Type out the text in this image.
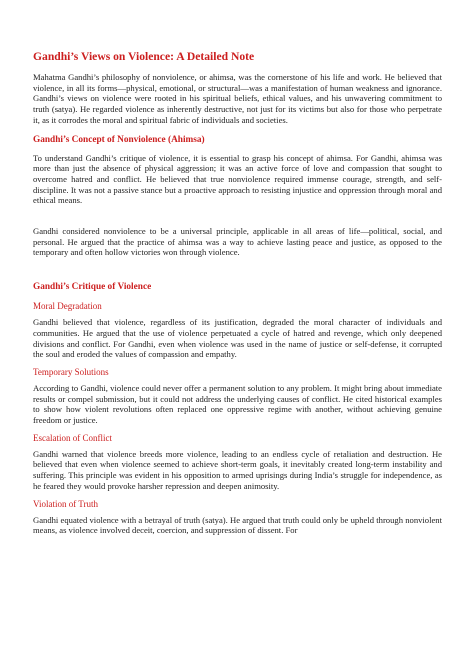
Gandhi’s Views on Violence: A Detailed Note

Mahatma Gandhi’s philosophy of nonviolence, or ahimsa, was the cornerstone of his life and work. He believed that violence, in all its forms—physical, emotional, or structural—was a manifestation of human weakness and ignorance. Gandhi’s views on violence were rooted in his spiritual beliefs, ethical values, and his unwavering commitment to truth (satya). He regarded violence as inherently destructive, not just for its victims but also for those who perpetrate it, as it corrodes the moral and spiritual fabric of individuals and societies.

Gandhi’s Concept of Nonviolence (Ahimsa)

To understand Gandhi’s critique of violence, it is essential to grasp his concept of ahimsa. For Gandhi, ahimsa was more than just the absence of physical aggression; it was an active force of love and compassion that sought to overcome hatred and conflict. He believed that true nonviolence required immense courage, strength, and self-discipline. It was not a passive stance but a proactive approach to resisting injustice and oppression through moral and ethical means.

Gandhi considered nonviolence to be a universal principle, applicable in all areas of life—political, social, and personal. He argued that the practice of ahimsa was a way to achieve lasting peace and justice, as opposed to the temporary and often hollow victories won through violence.

Gandhi’s Critique of Violence
Moral Degradation

Gandhi believed that violence, regardless of its justification, degraded the moral character of individuals and communities. He argued that the use of violence perpetuated a cycle of hatred and revenge, which only deepened divisions and conflict. For Gandhi, even when violence was used in the name of justice or self-defense, it corrupted the soul and eroded the values of compassion and empathy.

Temporary Solutions

According to Gandhi, violence could never offer a permanent solution to any problem. It might bring about immediate results or compel submission, but it could not address the underlying causes of conflict. He cited historical examples to show how violent revolutions often replaced one oppressive regime with another, without achieving genuine freedom or justice.

Escalation of Conflict

Gandhi warned that violence breeds more violence, leading to an endless cycle of retaliation and destruction. He believed that even when violence seemed to achieve short-term goals, it inevitably created long-term instability and suffering. This principle was evident in his opposition to armed uprisings during India’s struggle for independence, as he feared they would provoke harsher repression and deepen animosity.

Violation of Truth

Gandhi equated violence with a betrayal of truth (satya). He argued that truth could only be upheld through nonviolent means, as violence involved deceit, coercion, and suppression of dissent. For
